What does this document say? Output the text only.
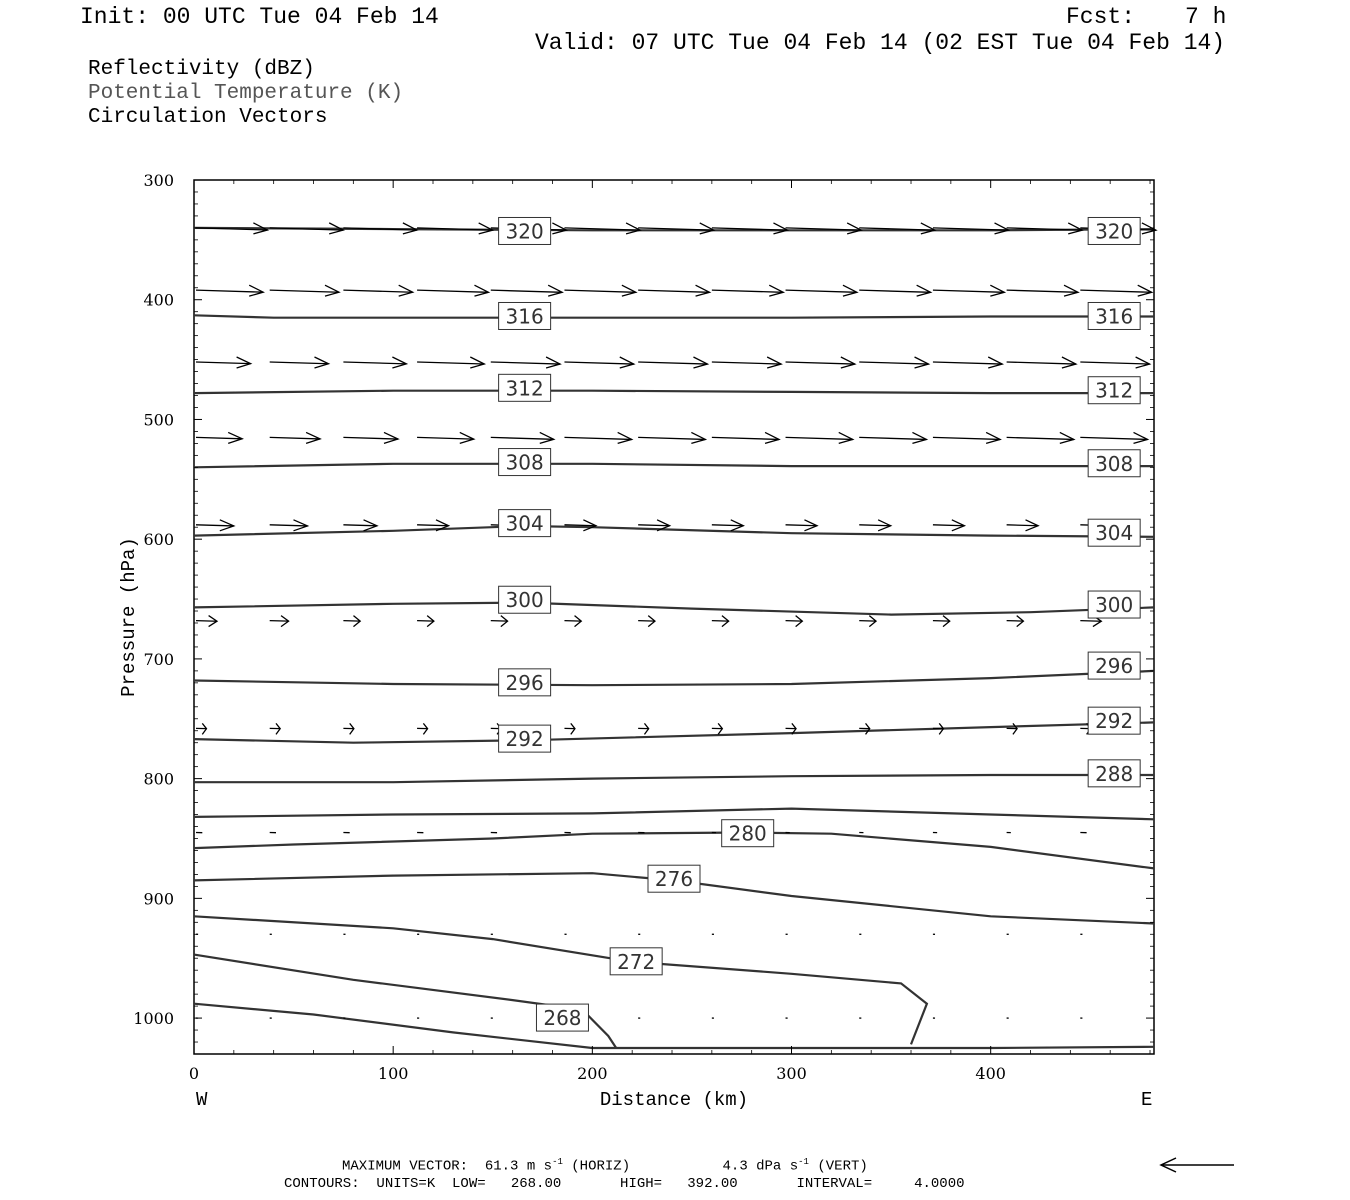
Init: 00 UTC Tue 04 Feb 14	Fcst: 7 h
Valid: 07 UTC Tue 04 Feb 14 (02 EST Tue 04 Feb 14)
Reflectivity (dBZ)
Potential Temperature (K)
Circulation Vectors
320	320
316	316
312	312
308	308
304	304
300	300
296
296
292
292
288
280
276
272
268
300
400
500
600
700
800
900
1000
0	100	200	300	400
Distance (km)
Pressure (hPa)
W	E
MAXIMUM VECTOR: 61.3 m $s^{-1}$ (HORIZ)	4.3 dPa $s^{-1}$ (VERT)
CONTOURS:  UNITS=K  LOW=   268.00       HIGH=   392.00       INTERVAL=     4.0000
